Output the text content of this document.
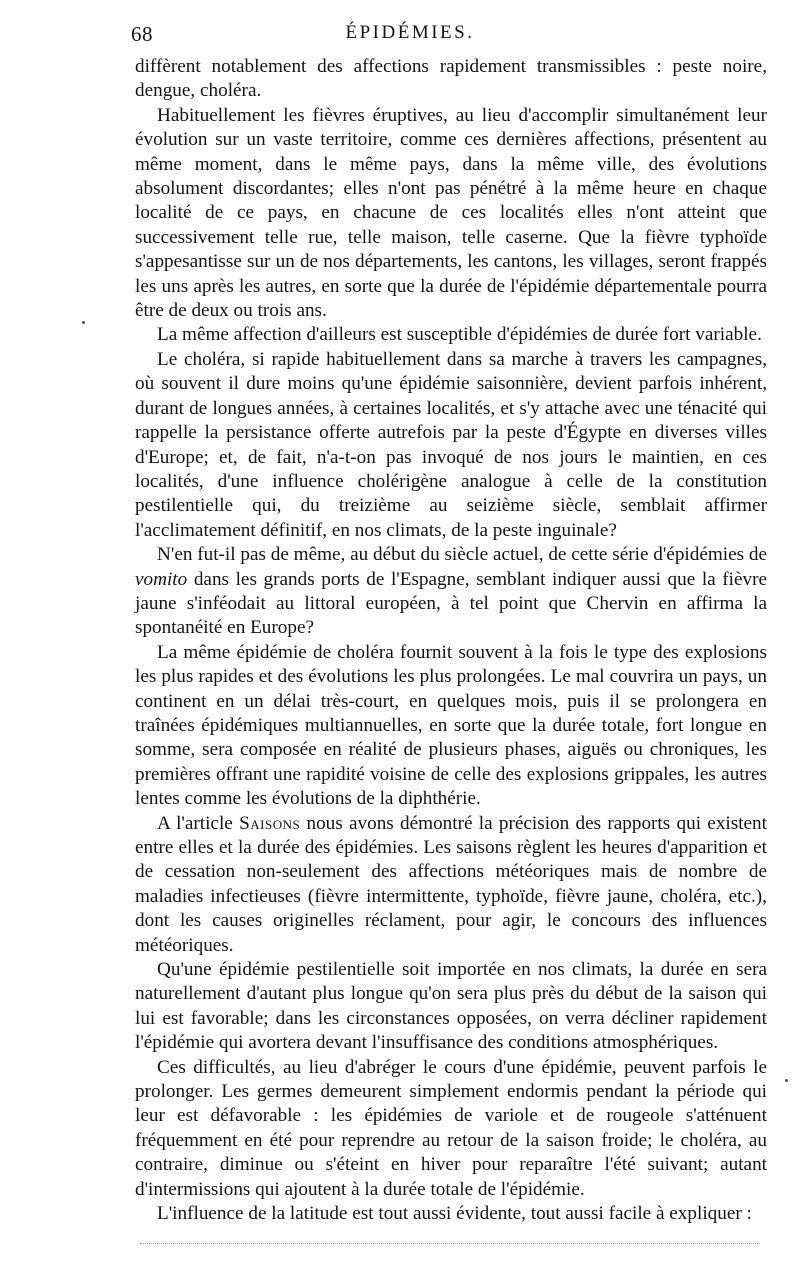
68	ÉPIDÉMIES.

diffèrent notablement des affections rapidement transmissibles : peste noire, dengue, choléra.

Habituellement les fièvres éruptives, au lieu d'accomplir simultanément leur évolution sur un vaste territoire, comme ces dernières affections, présentent au même moment, dans le même pays, dans la même ville, des évolutions absolument discordantes; elles n'ont pas pénétré à la même heure en chaque localité de ce pays, en chacune de ces localités elles n'ont atteint que successivement telle rue, telle maison, telle caserne. Que la fièvre typhoïde s'appesantisse sur un de nos départements, les cantons, les villages, seront frappés les uns après les autres, en sorte que la durée de l'épidémie départementale pourra être de deux ou trois ans.

La même affection d'ailleurs est susceptible d'épidémies de durée fort variable.

Le choléra, si rapide habituellement dans sa marche à travers les campagnes, où souvent il dure moins qu'une épidémie saisonnière, devient parfois inhérent, durant de longues années, à certaines localités, et s'y attache avec une ténacité qui rappelle la persistance offerte autrefois par la peste d'Égypte en diverses villes d'Europe; et, de fait, n'a-t-on pas invoqué de nos jours le maintien, en ces localités, d'une influence cholérigène analogue à celle de la constitution pestilentielle qui, du treizième au seizième siècle, semblait affirmer l'acclimatement définitif, en nos climats, de la peste inguinale?

N'en fut-il pas de même, au début du siècle actuel, de cette série d'épidémies de vomito dans les grands ports de l'Espagne, semblant indiquer aussi que la fièvre jaune s'inféodait au littoral européen, à tel point que Chervin en affirma la spontanéité en Europe?

La même épidémie de choléra fournit souvent à la fois le type des explosions les plus rapides et des évolutions les plus prolongées. Le mal couvrira un pays, un continent en un délai très-court, en quelques mois, puis il se prolongera en traînées épidémiques multiannuelles, en sorte que la durée totale, fort longue en somme, sera composée en réalité de plusieurs phases, aiguës ou chroniques, les premières offrant une rapidité voisine de celle des explosions grippales, les autres lentes comme les évolutions de la diphthérie.

A l'article Saisons nous avons démontré la précision des rapports qui existent entre elles et la durée des épidémies. Les saisons règlent les heures d'apparition et de cessation non-seulement des affections météoriques mais de nombre de maladies infectieuses (fièvre intermittente, typhoïde, fièvre jaune, choléra, etc.), dont les causes originelles réclament, pour agir, le concours des influences météoriques.

Qu'une épidémie pestilentielle soit importée en nos climats, la durée en sera naturellement d'autant plus longue qu'on sera plus près du début de la saison qui lui est favorable; dans les circonstances opposées, on verra décliner rapidement l'épidémie qui avortera devant l'insuffisance des conditions atmosphériques.

Ces difficultés, au lieu d'abréger le cours d'une épidémie, peuvent parfois le prolonger. Les germes demeurent simplement endormis pendant la période qui leur est défavorable : les épidémies de variole et de rougeole s'atténuent fréquemment en été pour reprendre au retour de la saison froide; le choléra, au contraire, diminue ou s'éteint en hiver pour reparaître l'été suivant; autant d'intermissions qui ajoutent à la durée totale de l'épidémie.

L'influence de la latitude est tout aussi évidente, tout aussi facile à expliquer :
